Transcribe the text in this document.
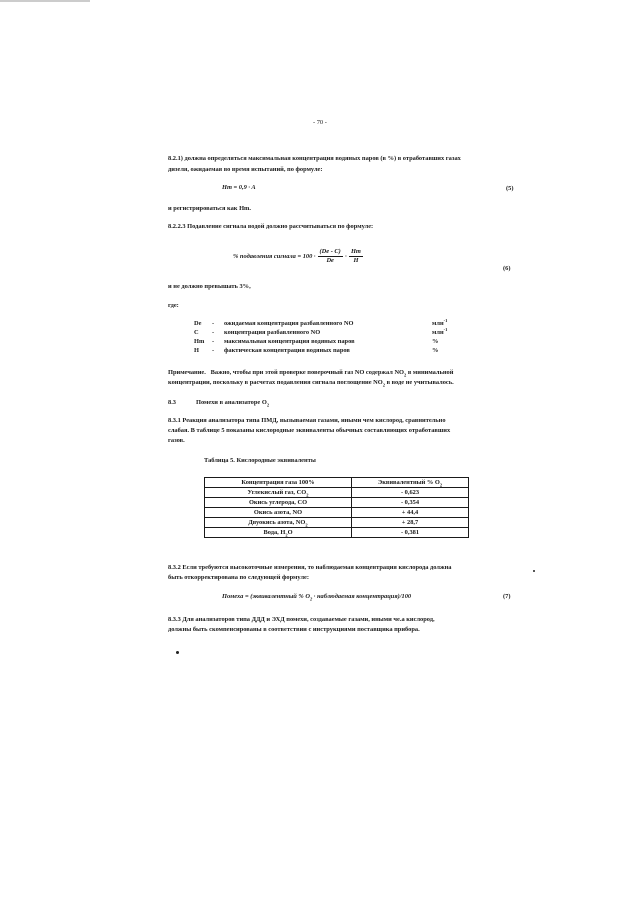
- 70 -
8.2.1) должна определяться максимальная концентрация водяных паров (в %) в отработавших газах
дизеля, ожидаемая во время испытаний, по формуле:
Hm = 0,9 · A	(5)
и регистрироваться как Hm.
8.2.2.3 Подавление сигнала водой должно рассчитываться по формуле:
% подавления сигнала = $100 \cdot \frac{(De - C)}{De} \cdot \frac{Hm}{H}$
(6)
и не должно превышать 3%,
где:
De - ожидаемая концентрация разбавленного NO	млн$^{-1}$
C - концентрация разбавленного NO	млн$^{-1}$
Hm - максимальная концентрация водяных паров	%
H - фактическая концентрация водяных паров	%
Примечание.   Важно, чтобы при этой проверке поверочный газ NO содержал $NO_2$ в минимальной
концентрации, поскольку в расчетах подавления сигнала поглощение $NO_2$ в воде не учитывалось.
8.3	Помехи в анализаторе $O_2$
8.3.1 Реакция анализатора типа ПМД, вызываемая газами, иными чем кислород, сравнительно
слабая. В таблице 5 показаны кислородные эквиваленты обычных составляющих отработавших
газов.
Таблица 5. Кислородные эквиваленты
Концентрация газа 100%	Эквивалентный % $O_2$
Углекислый газ, $CO_2$	- 0,623
Окись углерода, CO	- 0,354
Окись азота, NO	+ 44,4
Двуокись азота, $NO_2$	+ 28,7
Вода, $H_2O$	- 0,381
8.3.2 Если требуются высокоточные измерения, то наблюдаемая концентрация кислорода должна
быть откорректирована по следующей формуле:
Помеха = (эквивалентный % $O_2$ · наблюдаемая концентрация)/100	(7)
8.3.3 Для анализаторов типа ДДД и ЭХД помехи, создаваемые газами, иными че.а кислород,
должны быть скомпенсированы в соответствии с инструкциями поставщика прибора.
